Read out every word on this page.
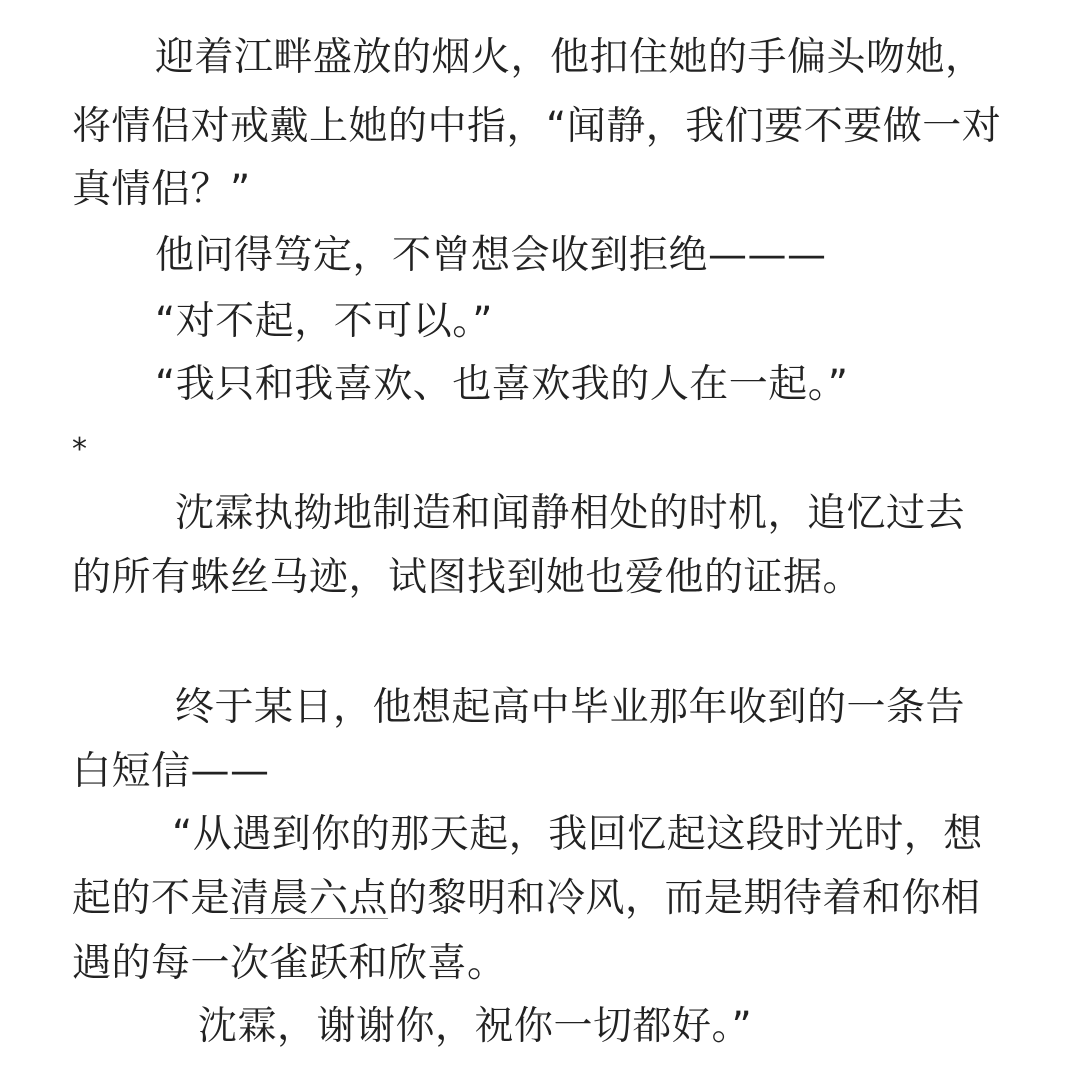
迎着江畔盛放的烟火，他扣住她的手偏头吻她，
将情侣对戒戴上她的中指，“闻静，我们要不要做一对
真情侣？”
他问得笃定，不曾想会收到拒绝———
“对不起，不可以。”
“我只和我喜欢、也喜欢我的人在一起。”
*
沈霖执拗地制造和闻静相处的时机，追忆过去
的所有蛛丝马迹，试图找到她也爱他的证据。
终于某日，他想起高中毕业那年收到的一条告
白短信——
“从遇到你的那天起，我回忆起这段时光时，想
起的不是清晨六点的黎明和冷风，而是期待着和你相
遇的每一次雀跃和欣喜。
沈霖，谢谢你，祝你一切都好。”
